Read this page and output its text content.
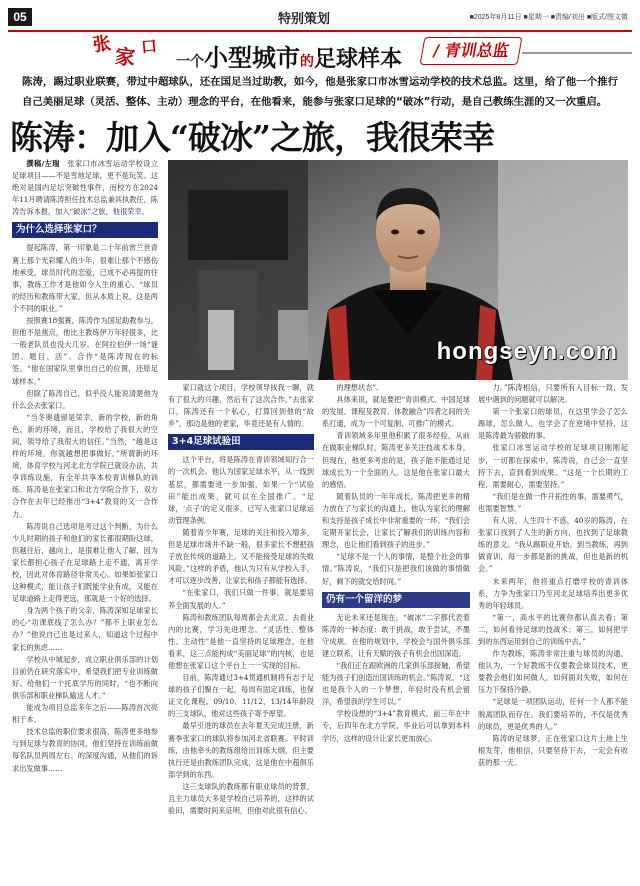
05	特别策划	■2025年8月11日 ■星期一 ■责编/刘出 ■版式/图文微
张 家 口
一个小型城市的足球样本	/ 青训总监
陈涛，踢过职业联赛，带过中超球队，还在国足当过助教，如今，他是张家口市冰雪运动学校的技术总监。这里，给了他一个推行自己美丽足球（灵活、整体、主动）理念的平台，在他看来，能参与张家口足球的“破冰”行动，是自己教练生涯的又一次重启。
陈涛：加入“破冰”之旅，我很荣幸

撰稿/左瑞　 张家口市冰雪运动学校设立足球项目——不是雪地足球，更不是玩笑。这绝对是国内足坛突破性事件，而校方在2024年11月聘请陈涛担任技术总监兼具执教任，陈涛告诉本报，加入“破冰”之旅，他很荣幸。

为什么选择张家口？

提起陈涛，第一印象是二十年前赏兰世青赛上那个光彩耀人的少年，很难让那个不感伤地承受，球员时代的恋爱，已成不必再提的往事，教练工作才是他如今人生的重心。“球员的经历和教练带大家，但从本质上说，这是两个不同的职业。”

按照赛18强赛，陈涛作为国足助教参与，但他不是焦点，他比主教练伊万年轻很多，比一般老队员也没大几岁。在阿拉伯伊一场“谜团、题目、活”、合作“是陈涛现在的标签。“他在国家队里拿出自己的位置，还原足球样本。”

但除了陈涛自己，似乎没人能说清楚他为什么会去张家口。

“当冬奥遗留是荣幸，新的学校，新的角色，新的环境，而且，学校给了我很大的空间，领导给了我很大的信任。”当然，“越是这样的环境，你就越想把事做好。”所谓新的环境，体育学校与河北北方学院已就设办法，共享训练设施，有全年共享本校青训梯队的训练。陈涛是在张家口和北方学院合作下，双方合作在去年已经推出“3+4”教育的又一合作力。

陈涛说自己选项是考过这个判断，为什么少儿时期的孩子和他们的家长都很期盼这球，但越往后，越向上，是很难让他人了解，因为家长都担心孩子在足球路上走不通，离开学校，因此对体育路径非常关心。如果如张家口这种模式，能让孩子们既能学业有成，又能在足球道路上走得更远，那就是一个好的选择。

身为两个孩子的父亲，陈涛深知足球家长的心“功课底线了怎么办？”都不上职业怎么办？”他说自己也是过来人，知道这个过程中家长的焦虑……

学校从中城起步，成立职业俱乐部的计划目前仍在研究落实中，希望我们把专业训练做好。给他们一个托底学历的同时，“也不断向俱乐部和职业梯队输送人才。”

能成为项目总监多年之后——陈涛首次亮相于本。

技术总监的职位要求很高，陈涛更多地参与到足球与教育的协同，他们坚持在训练前做每名队员两周左右、的深度沟通，从他们的诉求出发做事……

hongseyn.com

家口就这个项目，学校领导找我一聊，就有了很大的兴趣，然后有了这次合作。”去张家口，陈涛还有一个私心，打算回到他的“故乡”，那边是他的老家，毕竟还是有人情的。

3+4足球试验田

这个平台，将是陈涛在青训领域知行合一的一次机会。他认为国家足球水平，从一线到基层，都需要进一步加强，如果一个“试验田”能出成果，就可以在全国推广。“足球，‘点子’的定义很多，已写入张家口足球运动管理条例。

随着青少年赛，足球的关注和投入增多，但是足球市场并不缺一般，很多家长不想把孩子放在传统的道路上，又不能接受足球的失败风险。”这样的矛盾，他认为只有从学校入手，才可以逐步改善，让家长和孩子都能有选择。

“在张家口，我们只做一件事，就是要培养全面发展的人。”

陈涛和教练团队每周都会去北京，去看业内的比赛，学习先进理念。“灵活性、整体性、主动性”是他一直坚持的足球理念，在他看来，这三点能构成“美丽足球”的内核，也是他想在张家口这个平台上一一实现的目标。

目前，陈涛通过3+4贯通机制将有志于足球的孩子们聚在一起，每周有固定训练，也保证文化课程。09/10、11/12、13/14年龄段的三支球队，他对这些孩子寄予厚望。

最早引进的球员在去年夏天完成注册，新赛季张家口的球队将参加河北省联赛。平时训练，由他牵头的教练组给出训练大纲，但主要执行还是由教练团队完成，这是他在中超俱乐部学到的东西。

这三支球队的教练都有职业球员的背景，且主力球员大多是学校自己培养的，这样的试验田，需要时间来证明，但他对此很有信心。

的理想状态”。

具体来说，就是要把“青训模式、中国足球的发展、课程及教育、体教融合”四者之间的关系打通，成为一个可复制、可推广的模式。

青训领域多年里他积累了很多经验，从前在做职业梯队时，陈涛更多关注技战术本身，但现在，他更多考虑的是，孩子能不能通过足球成长为一个全面的人。这是他在张家口最大的感悟。

随着队员的一年年成长，陈涛把更多的精力放在了与家长的沟通上，他认为家长的理解和支持是孩子成长中非常重要的一环。“我们会定期开家长会，让家长了解我们的训练内容和理念，也让他们看到孩子的进步。”

“足球不是一个人的事情，是整个社会的事情。”陈涛说，“我们只是把我们该做的事情做好，剩下的就交给时间。”

仍有一个留洋的梦

无论未来还是现在，“破冰”二字都代表着陈涛的一种态度：敢于挑战，敢于尝试，不墨守成规。在他的规划中，学校会与国外俱乐部建立联系，让有天赋的孩子有机会出国深造。

“我们正在跟欧洲的几家俱乐部接触，希望能为孩子们创造出国训练的机会。”陈涛说，“这也是我个人的一个梦想，年轻时没有机会留洋，希望我的学生可以。”

学校设想的“3+4”教育模式，前三年在中专，后四年在北方学院，毕业后可以拿到本科学历，这样的设计让家长更加放心。

力。”陈涛相信，只要所有人目标一致，发展中遇到的问题就可以解决。

第一个张家口的球员，在这里学会了怎么踢球，怎么做人，也学会了在逆境中坚持，这是陈涛最为骄傲的事。

张家口冰雪运动学校的足球项目刚刚起步，一切都在探索中。陈涛说，自己会一直坚持下去，直到看到成果。“这是一个长期的工程，需要耐心，需要坚持。”

“我们是在做一件开拓性的事，需要勇气，也需要智慧。”

有人说，人生四十不惑，40岁的陈涛，在张家口找到了人生的新方向，也找到了足球教练的意义。“我从踢职业开始，到当教练，再到做青训，每一步都是新的挑战，但也是新的机会。”

未来两年，他将重点打磨学校的青训体系，力争为张家口乃至河北足球培养出更多优秀的年轻球员。

“第一，高水平的比赛你都认真去看；第二，如何看待足球的技战术；第三，如何把学到的东西运用到自己的训练中去。”

作为教练，陈涛非常注重与球员的沟通，他认为，一个好教练不仅要教会球员技术，更要教会他们如何做人，如何面对失败，如何在压力下保持冷静。

“足球是一项团队运动，任何一个人都不能脱离团队而存在。我们要培养的，不仅是优秀的球员，更是优秀的人。”

陈涛的足球梦，正在张家口这片土地上生根发芽，他相信，只要坚持下去，一定会有收获的那一天。
